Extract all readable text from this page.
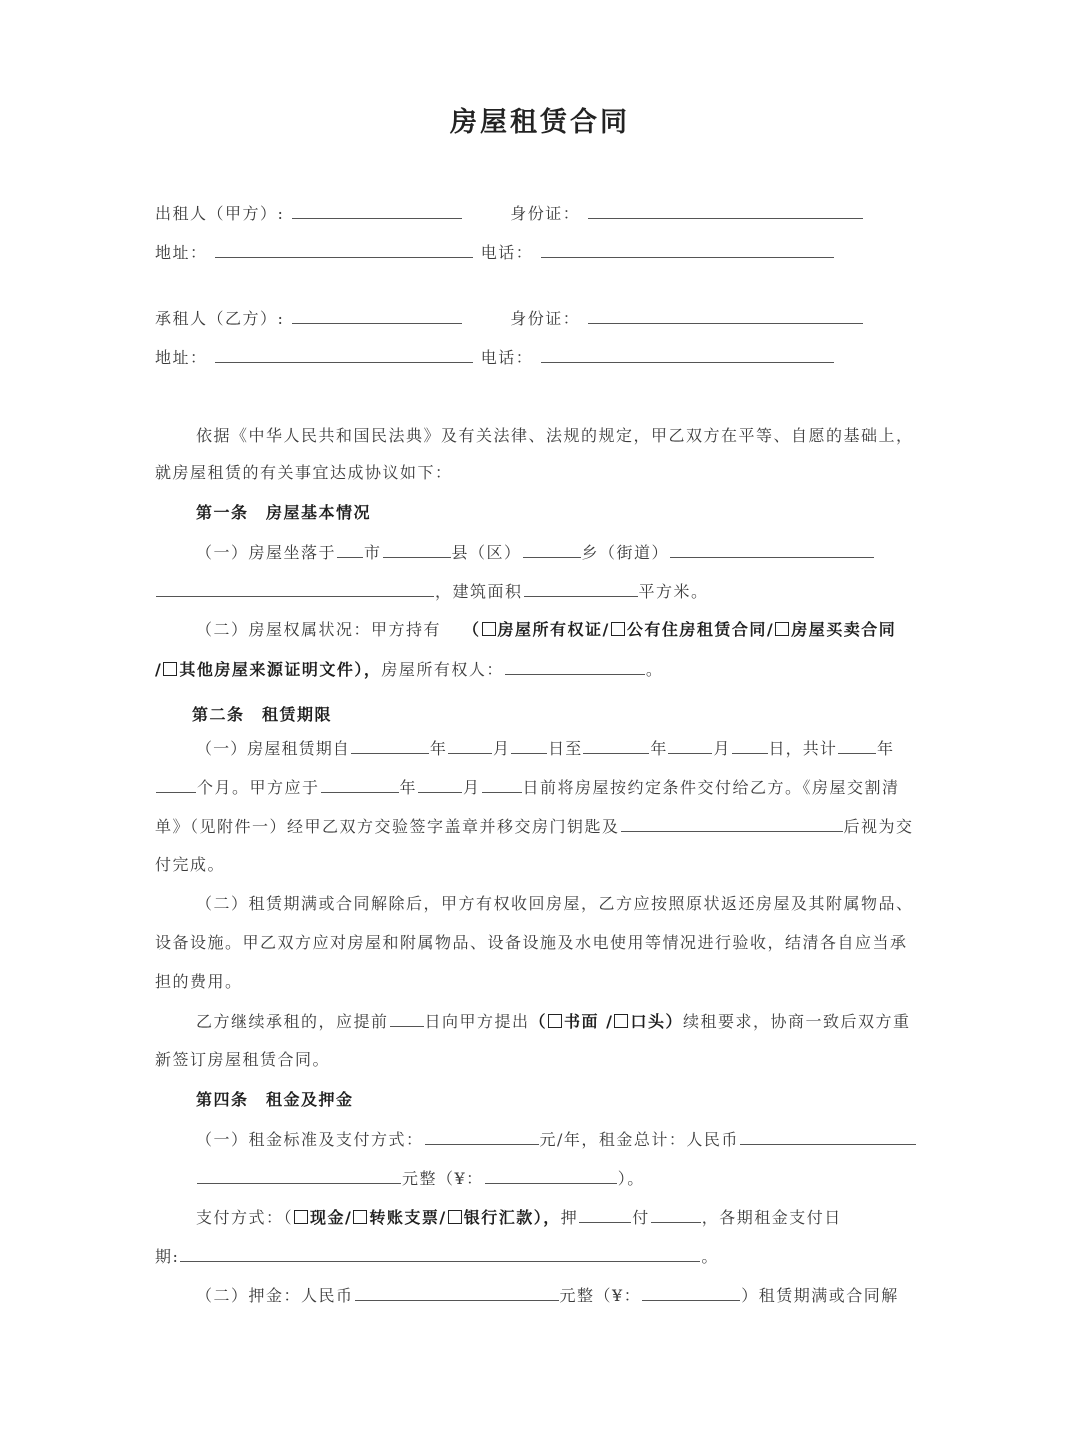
房屋租赁合同
出租人（甲方）:	身份证：
地址：	电话：
承租人（乙方）:	身份证：
地址：	电话：
依据《中华人民共和国民法典》及有关法律、法规的规定，甲乙双方在平等、自愿的基础上，
就房屋租赁的有关事宜达成协议如下：
第一条　房屋基本情况
（一）房屋坐落于 市	县（区）	乡（街道）
，建筑面积	平方米。
（二）房屋权属状况：甲方持有 （ 房屋所有权证/ 公有住房租赁合同/ 房屋买卖合同
/ 其他房屋来源证明文件），房屋所有权人：	。
第二条　租赁期限
（一）房屋租赁期自	年	月 日至	年	月 日，共计	年
个月。甲方应于	年	月	日前将房屋按约定条件交付给乙方。《房屋交割清
单》（见附件一）经甲乙双方交验签字盖章并移交房门钥匙及	后视为交
付完成。
（二）租赁期满或合同解除后，甲方有权收回房屋，乙方应按照原状返还房屋及其附属物品、
设备设施。甲乙双方应对房屋和附属物品、设备设施及水电使用等情况进行验收，结清各自应当承
担的费用。
乙方继续承租的，应提前 日向甲方提出（ 书面 / 口头）续租要求，协商一致后双方重
新签订房屋租赁合同。
第四条　租金及押金
（一）租金标准及支付方式：	元/年，租金总计：人民币
元整（¥：	）。
支付方式：（ 现金/ 转账支票/ 银行汇款），押	付	，各期租金支付日
期:	。
（二）押金：人民币	元整（¥：	）租赁期满或合同解
